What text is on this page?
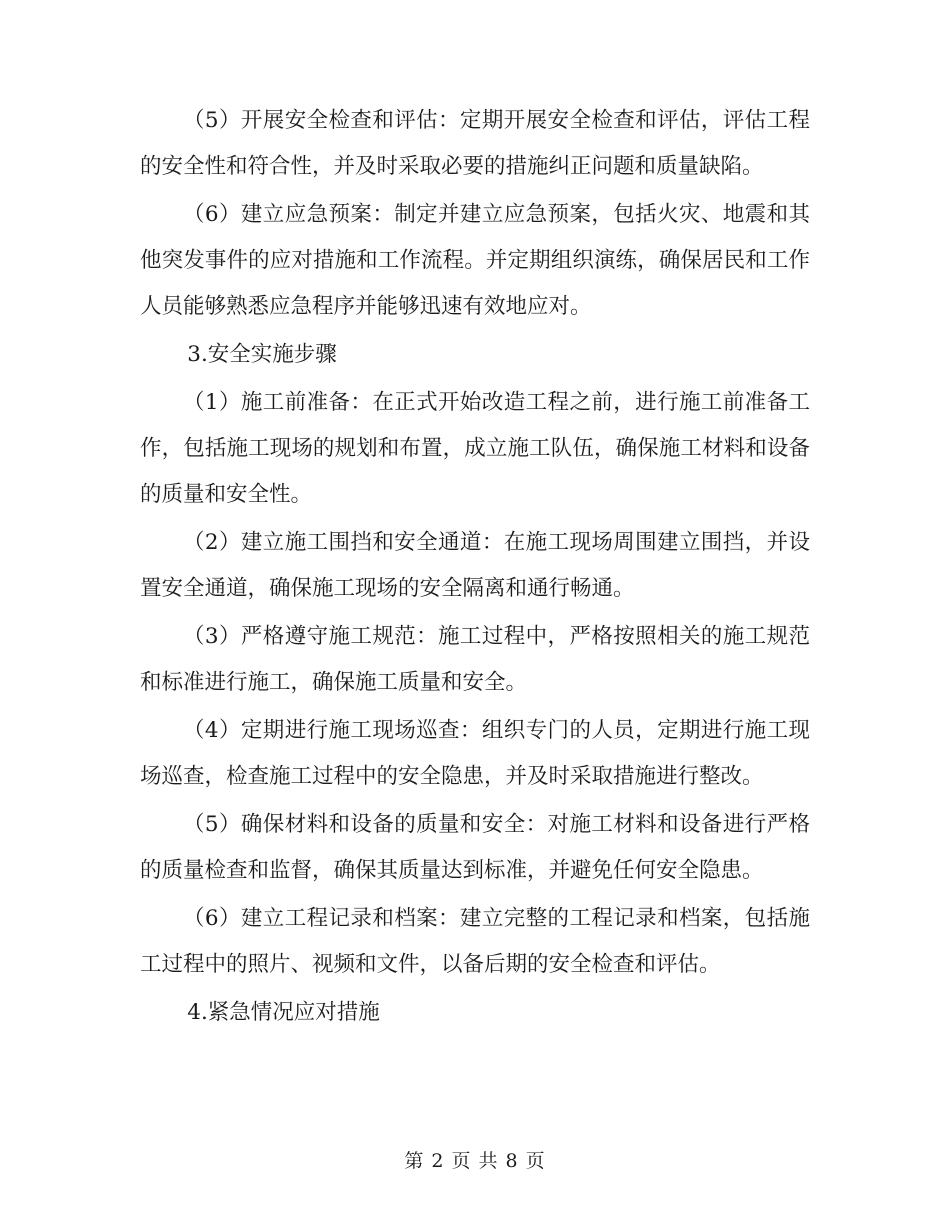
（5）开展安全检查和评估：定期开展安全检查和评估，评估工程的安全性和符合性，并及时采取必要的措施纠正问题和质量缺陷。

（6）建立应急预案：制定并建立应急预案，包括火灾、地震和其他突发事件的应对措施和工作流程。并定期组织演练，确保居民和工作人员能够熟悉应急程序并能够迅速有效地应对。

3.安全实施步骤

（1）施工前准备：在正式开始改造工程之前，进行施工前准备工作，包括施工现场的规划和布置，成立施工队伍，确保施工材料和设备的质量和安全性。

（2）建立施工围挡和安全通道：在施工现场周围建立围挡，并设置安全通道，确保施工现场的安全隔离和通行畅通。

（3）严格遵守施工规范：施工过程中，严格按照相关的施工规范和标准进行施工，确保施工质量和安全。

（4）定期进行施工现场巡查：组织专门的人员，定期进行施工现场巡查，检查施工过程中的安全隐患，并及时采取措施进行整改。

（5）确保材料和设备的质量和安全：对施工材料和设备进行严格的质量检查和监督，确保其质量达到标准，并避免任何安全隐患。

（6）建立工程记录和档案：建立完整的工程记录和档案，包括施工过程中的照片、视频和文件，以备后期的安全检查和评估。

4.紧急情况应对措施

第 2 页 共 8 页
